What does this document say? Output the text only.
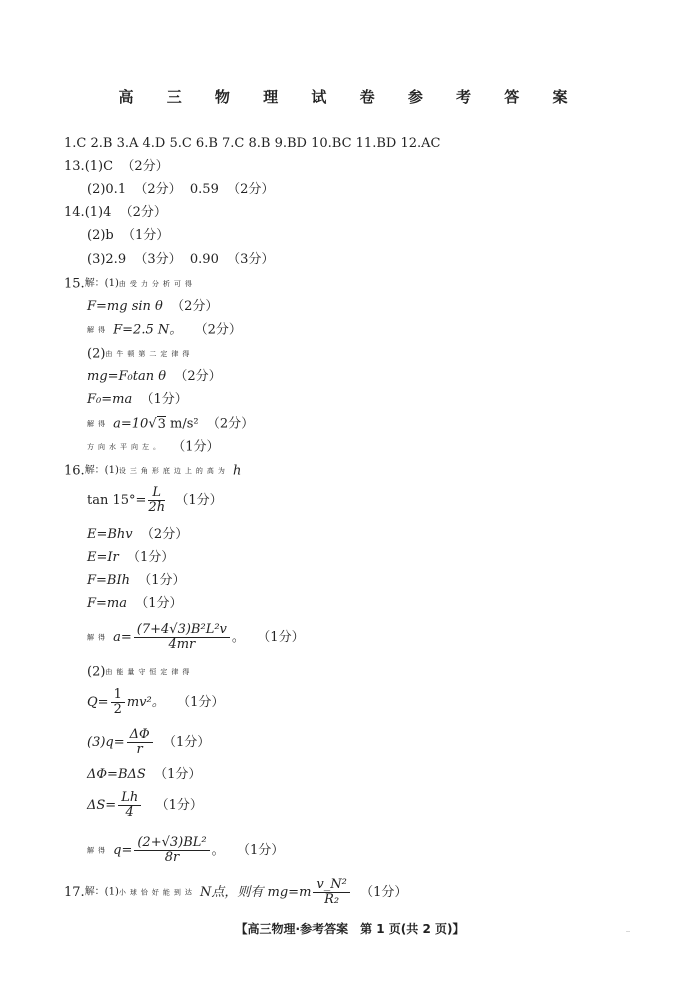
高 三 物 理 试 卷 参 考 答 案
1.C 2.B 3.A 4.D 5.C 6.B 7.C 8.B 9.BD 10.BC 11.BD 12.AC
13.(1)C （2分）
(2)0.1 （2分） 0.59 （2分）
14.(1)4 （2分）
(2)b （1分）
(3)2.9 （3分） 0.90 （3分）
15.解：(1)由受力分析可得
F=mg sin θ （2分）
解得 F=2.5 N。 （2分）
(2)由牛顿第二定律得
mg=F₀tan θ （2分）
F₀=ma （1分）
解得 a=10√3 m/s² （2分）
方向水平向左。 （1分）
16.解：(1)设三角形底边上的高为 h
$\tan 15^\circ= \frac{L}{2h} (1$分）
E=Bhv （2分）
E=Ir （1分）
F=BIh （1分）
F=ma （1分）
解得 $a= \frac{\text{(7+4√3)B²L²v}}{4mr}$ 。   （1分）
(2)由能量守恒定律得
$Q= \frac{1}{2} mv^2$。 （1分）
$(3)q= \frac{\Delta\Phi}{r} (1$分）
ΔΦ=BΔS （1分）
$\Delta S= \frac{Lh}{4} (1$分）
解得 $q= \frac{\text{(2+√3)BL²}}{8r}$ 。   （1分）
17.解：(1)小球恰好能到达 N点，则有 $mg=m \frac{\text{v\_N²}}{\text{R₂}} (1$分）
【高三物理·参考答案　第 1 页(共 2 页)】	--
